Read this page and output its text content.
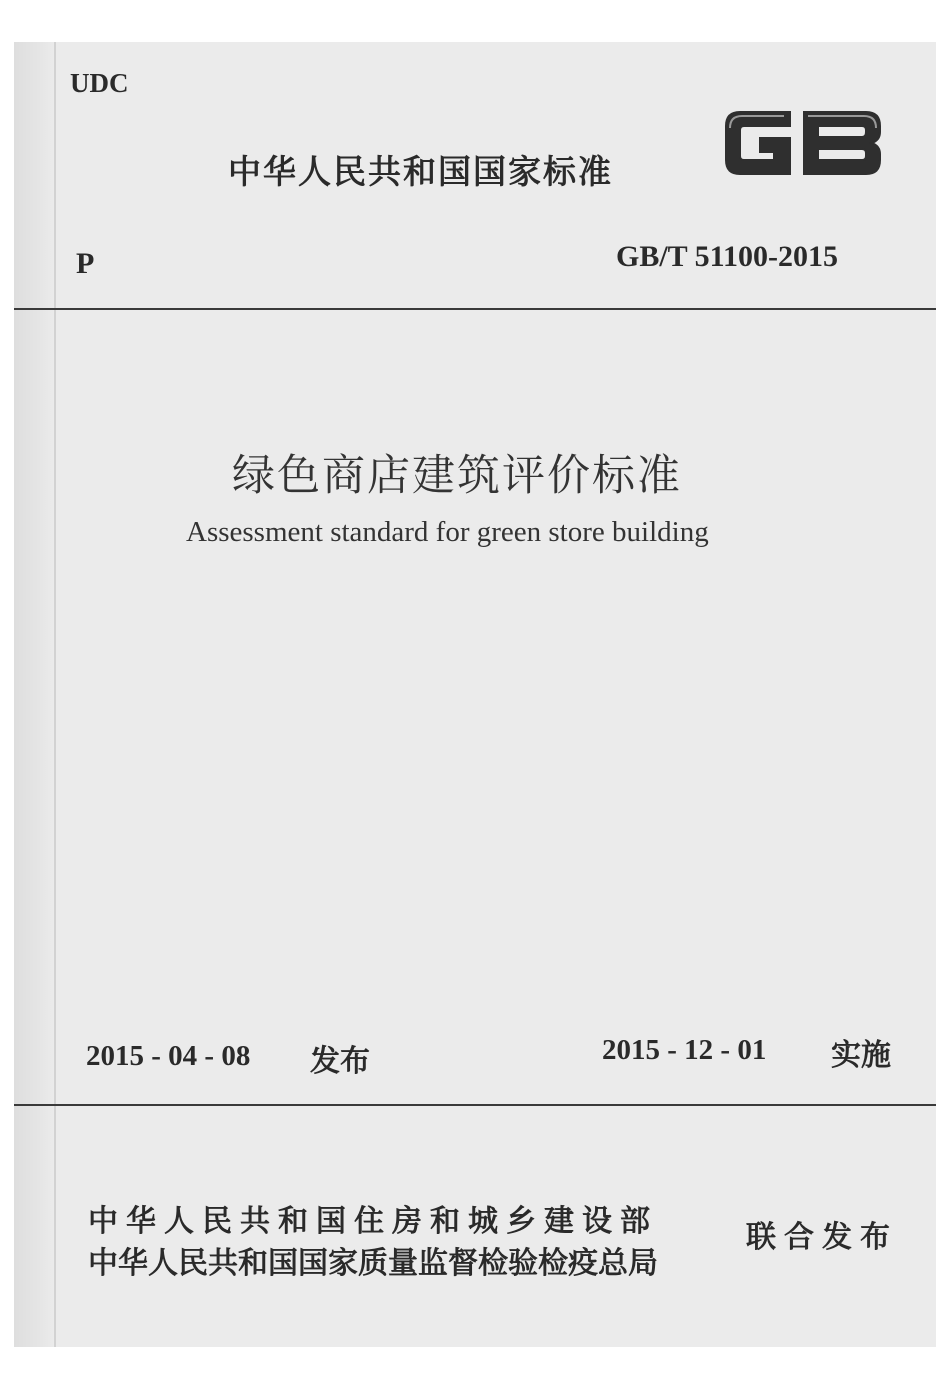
UDC
中华人民共和国国家标准
P	GB/T 51100-2015
绿色商店建筑评价标准
Assessment standard for green store building
2015 - 04 - 08 发布	2015 - 12 - 01 实施
中华人民共和国住房和城乡建设部
中华人民共和国国家质量监督检验检疫总局
联合发布
